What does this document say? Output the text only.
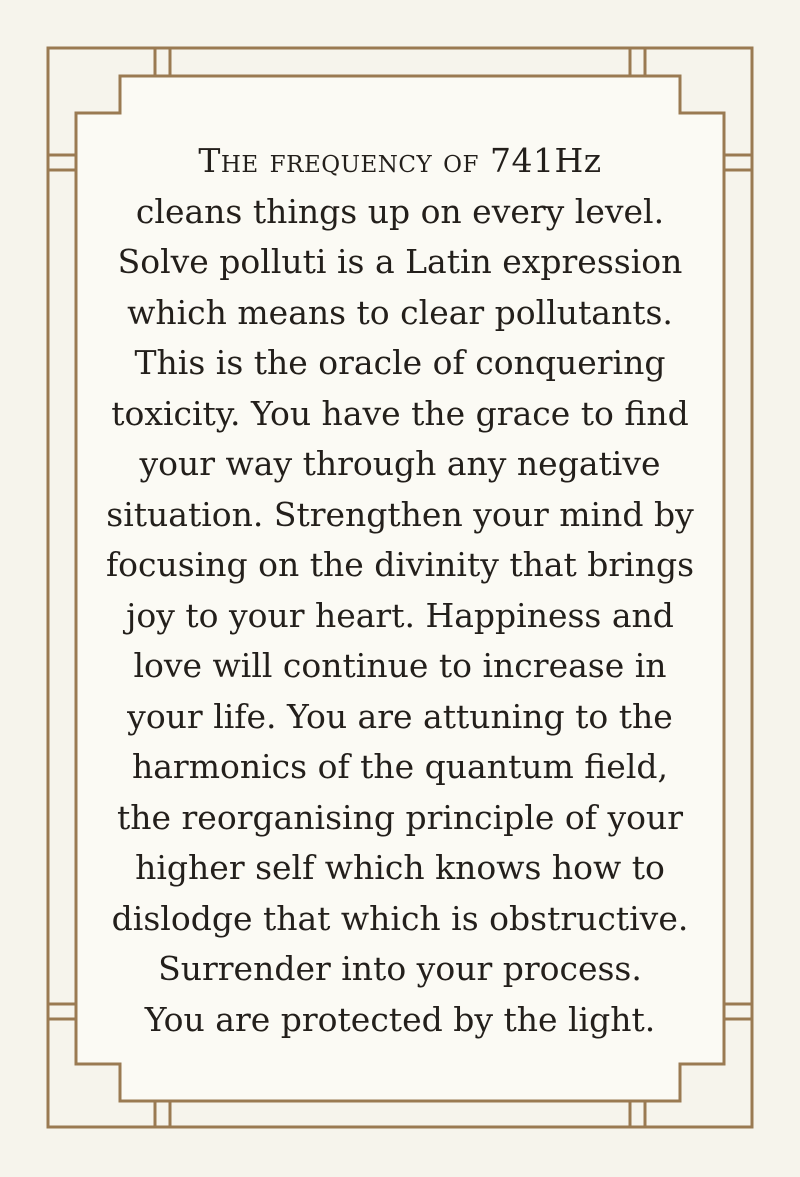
The frequency of 741Hz
cleans things up on every level.
Solve polluti is a Latin expression
which means to clear pollutants.
This is the oracle of conquering
toxicity. You have the grace to find
your way through any negative
situation. Strengthen your mind by
focusing on the divinity that brings
joy to your heart. Happiness and
love will continue to increase in
your life. You are attuning to the
harmonics of the quantum field,
the reorganising principle of your
higher self which knows how to
dislodge that which is obstructive.
Surrender into your process.
You are protected by the light.
